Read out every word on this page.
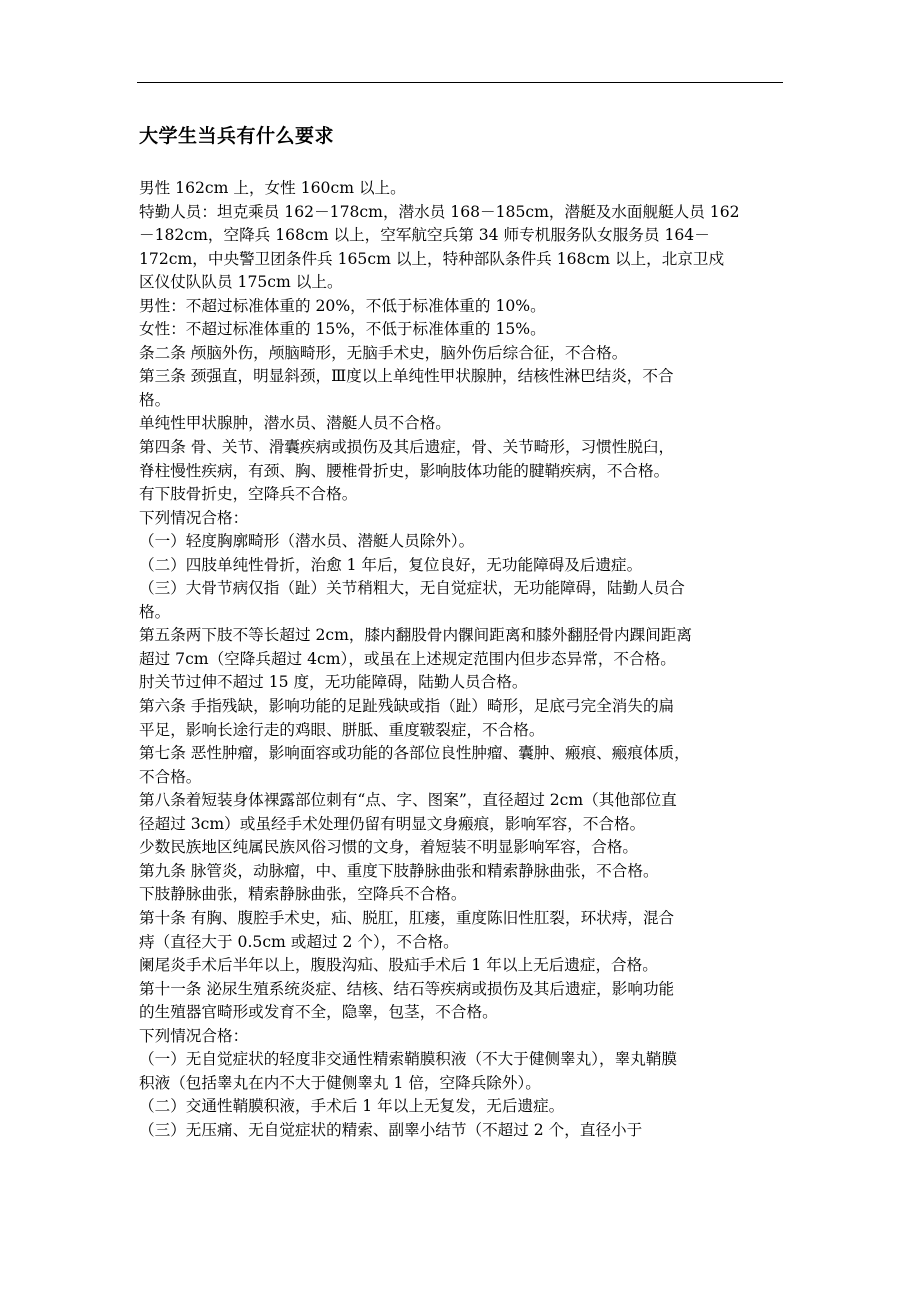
大学生当兵有什么要求
男性 162cm 上，女性 160cm 以上。
特勤人员：坦克乘员 162－178cm，潜水员 168－185cm，潜艇及水面舰艇人员 162
－182cm，空降兵 168cm 以上，空军航空兵第 34 师专机服务队女服务员 164－
172cm，中央警卫团条件兵 165cm 以上，特种部队条件兵 168cm 以上，北京卫戍
区仪仗队队员 175cm 以上。
男性：不超过标准体重的 20%，不低于标准体重的 10%。
女性：不超过标准体重的 15%，不低于标准体重的 15%。
条二条 颅脑外伤，颅脑畸形，无脑手术史，脑外伤后综合征，不合格。
第三条 颈强直，明显斜颈，Ⅲ度以上单纯性甲状腺肿，结核性淋巴结炎，不合
格。
单纯性甲状腺肿，潜水员、潜艇人员不合格。
第四条 骨、关节、滑囊疾病或损伤及其后遗症，骨、关节畸形，习惯性脱臼，
脊柱慢性疾病，有颈、胸、腰椎骨折史，影响肢体功能的腱鞘疾病，不合格。
有下肢骨折史，空降兵不合格。
下列情况合格：
（一）轻度胸廓畸形（潜水员、潜艇人员除外）。
（二）四肢单纯性骨折，治愈 1 年后，复位良好，无功能障碍及后遗症。
（三）大骨节病仅指（趾）关节稍粗大，无自觉症状，无功能障碍，陆勤人员合
格。
第五条两下肢不等长超过 2cm，膝内翻股骨内髁间距离和膝外翻胫骨内踝间距离
超过 7cm（空降兵超过 4cm），或虽在上述规定范围内但步态异常，不合格。
肘关节过伸不超过 15 度，无功能障碍，陆勤人员合格。
第六条 手指残缺，影响功能的足趾残缺或指（趾）畸形，足底弓完全消失的扁
平足，影响长途行走的鸡眼、胼胝、重度皲裂症，不合格。
第七条 恶性肿瘤，影响面容或功能的各部位良性肿瘤、囊肿、瘢痕、瘢痕体质，
不合格。
第八条着短装身体裸露部位刺有“点、字、图案”，直径超过 2cm（其他部位直
径超过 3cm）或虽经手术处理仍留有明显文身瘢痕，影响军容，不合格。
少数民族地区纯属民族风俗习惯的文身，着短装不明显影响军容，合格。
第九条 脉管炎，动脉瘤，中、重度下肢静脉曲张和精索静脉曲张，不合格。
下肢静脉曲张，精索静脉曲张，空降兵不合格。
第十条 有胸、腹腔手术史，疝、脱肛，肛瘘，重度陈旧性肛裂，环状痔，混合
痔（直径大于 0.5cm 或超过 2 个），不合格。
阑尾炎手术后半年以上，腹股沟疝、股疝手术后 1 年以上无后遗症，合格。
第十一条 泌尿生殖系统炎症、结核、结石等疾病或损伤及其后遗症，影响功能
的生殖器官畸形或发育不全，隐睾，包茎，不合格。
下列情况合格：
（一）无自觉症状的轻度非交通性精索鞘膜积液（不大于健侧睾丸），睾丸鞘膜
积液（包括睾丸在内不大于健侧睾丸 1 倍，空降兵除外）。
（二）交通性鞘膜积液，手术后 1 年以上无复发，无后遗症。
（三）无压痛、无自觉症状的精索、副睾小结节（不超过 2 个，直径小于
